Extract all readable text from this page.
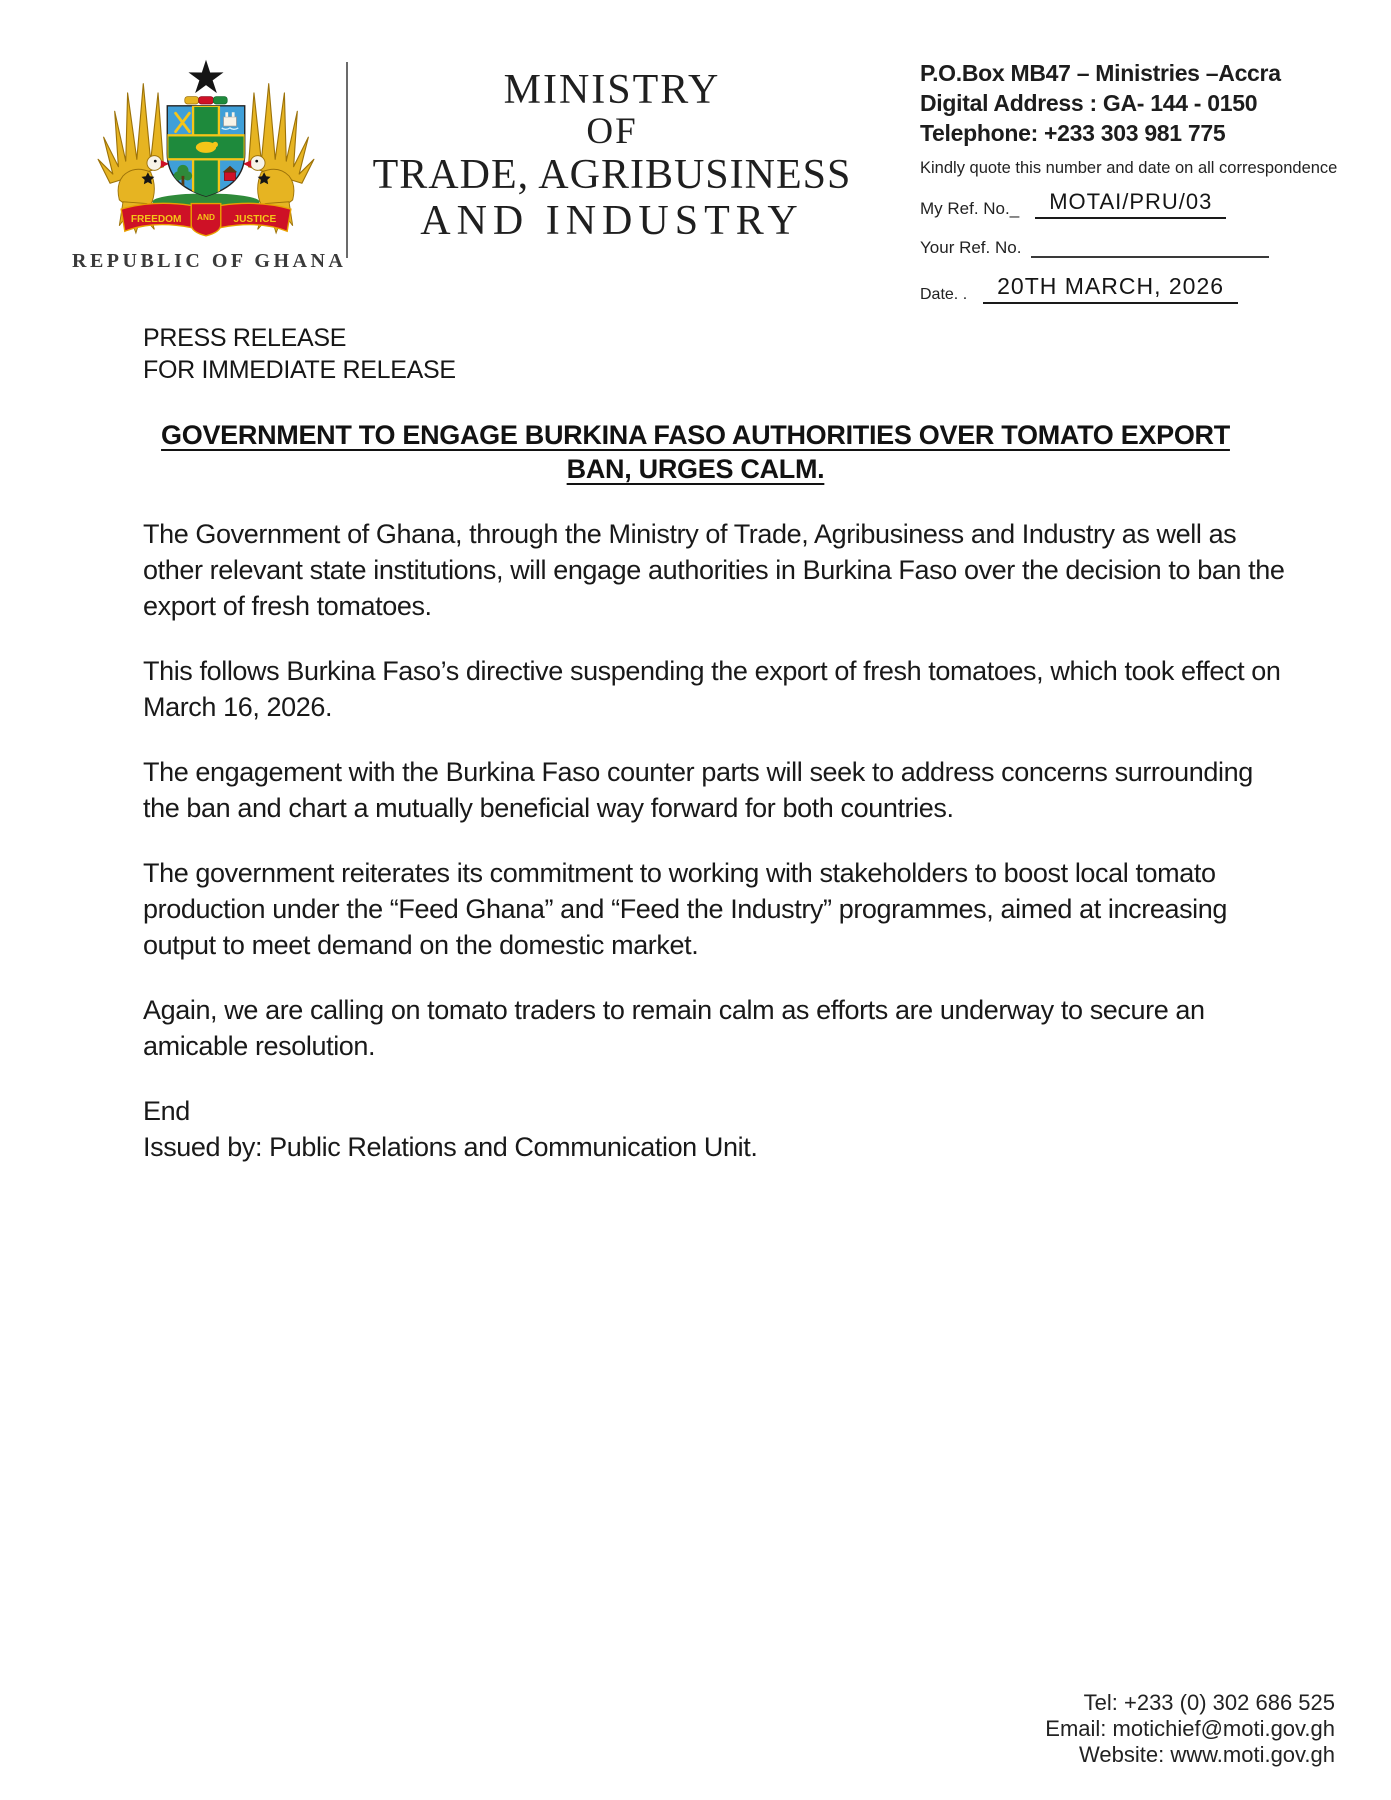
FREEDOM AND JUSTICE
REPUBLIC OF GHANA
MINISTRY
OF
TRADE, AGRIBUSINESS
AND INDUSTRY
P.O.Box MB47 – Ministries –Accra
Digital Address : GA- 144 - 0150
Telephone: +233 303 981 775
Kindly quote this number and date on all correspondence
My Ref. No._	MOTAI/PRU/03
Your Ref. No.
Date. .	20TH MARCH, 2026
PRESS RELEASE
FOR IMMEDIATE RELEASE
GOVERNMENT TO ENGAGE BURKINA FASO AUTHORITIES OVER TOMATO EXPORT
BAN, URGES CALM.

The Government of Ghana, through the Ministry of Trade, Agribusiness and Industry as well as other relevant state institutions, will engage authorities in Burkina Faso over the decision to ban the export of fresh tomatoes.

This follows Burkina Faso’s directive suspending the export of fresh tomatoes, which took effect on March 16, 2026.

The engagement with the Burkina Faso counter parts will seek to address concerns surrounding the ban and chart a mutually beneficial way forward for both countries.

The government reiterates its commitment to working with stakeholders to boost local tomato production under the “Feed Ghana” and “Feed the Industry” programmes, aimed at increasing output to meet demand on the domestic market.

Again, we are calling on tomato traders to remain calm as efforts are underway to secure an amicable resolution.

End

Issued by: Public Relations and Communication Unit.

Tel: +233 (0) 302 686 525
Email: motichief@moti.gov.gh
Website: www.moti.gov.gh
